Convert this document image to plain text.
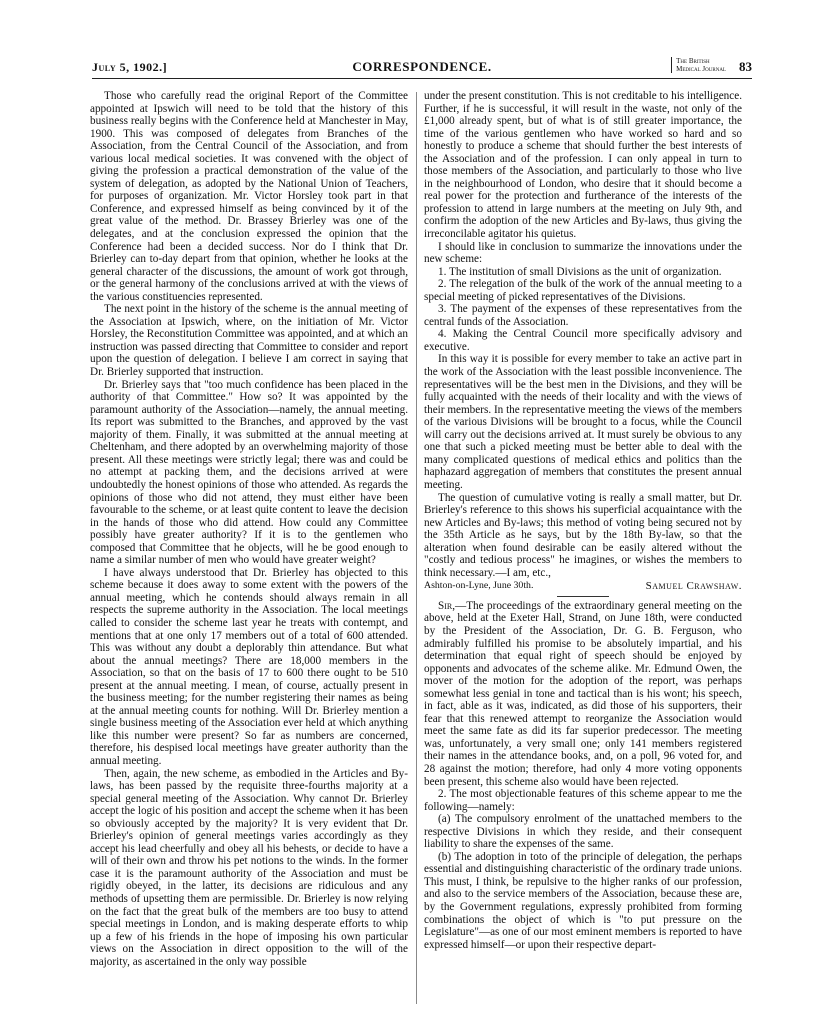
July 5, 1902.]	CORRESPONDENCE.	The British
Medical Journal 83

Those who carefully read the original Report of the Committee appointed at Ipswich will need to be told that the history of this business really begins with the Conference held at Manchester in May, 1900. This was composed of delegates from Branches of the Association, from the Central Council of the Association, and from various local medical societies. It was convened with the object of giving the profession a practical demonstration of the value of the system of delegation, as adopted by the National Union of Teachers, for purposes of organization. Mr. Victor Horsley took part in that Conference, and expressed himself as being convinced by it of the great value of the method. Dr. Brassey Brierley was one of the delegates, and at the conclusion expressed the opinion that the Conference had been a decided success. Nor do I think that Dr. Brierley can to-day depart from that opinion, whether he looks at the general character of the discussions, the amount of work got through, or the general harmony of the conclusions arrived at with the views of the various constituencies represented.

The next point in the history of the scheme is the annual meeting of the Association at Ipswich, where, on the initiation of Mr. Victor Horsley, the Reconstitution Committee was appointed, and at which an instruction was passed directing that Committee to consider and report upon the question of delegation. I believe I am correct in saying that Dr. Brierley supported that instruction.

Dr. Brierley says that "too much confidence has been placed in the authority of that Committee." How so? It was appointed by the paramount authority of the Association—namely, the annual meeting. Its report was submitted to the Branches, and approved by the vast majority of them. Finally, it was submitted at the annual meeting at Cheltenham, and there adopted by an overwhelming majority of those present. All these meetings were strictly legal; there was and could be no attempt at packing them, and the decisions arrived at were undoubtedly the honest opinions of those who attended. As regards the opinions of those who did not attend, they must either have been favourable to the scheme, or at least quite content to leave the decision in the hands of those who did attend. How could any Committee possibly have greater authority? If it is to the gentlemen who composed that Committee that he objects, will he be good enough to name a similar number of men who would have greater weight?

I have always understood that Dr. Brierley has objected to this scheme because it does away to some extent with the powers of the annual meeting, which he contends should always remain in all respects the supreme authority in the Association. The local meetings called to consider the scheme last year he treats with contempt, and mentions that at one only 17 members out of a total of 600 attended. This was without any doubt a deplorably thin attendance. But what about the annual meetings? There are 18,000 members in the Association, so that on the basis of 17 to 600 there ought to be 510 present at the annual meeting. I mean, of course, actually present in the business meeting; for the number registering their names as being at the annual meeting counts for nothing. Will Dr. Brierley mention a single business meeting of the Association ever held at which anything like this number were present? So far as numbers are concerned, therefore, his despised local meetings have greater authority than the annual meeting.

Then, again, the new scheme, as embodied in the Articles and By-laws, has been passed by the requisite three-fourths majority at a special general meeting of the Association. Why cannot Dr. Brierley accept the logic of his position and accept the scheme when it has been so obviously accepted by the majority? It is very evident that Dr. Brierley's opinion of general meetings varies accordingly as they accept his lead cheerfully and obey all his behests, or decide to have a will of their own and throw his pet notions to the winds. In the former case it is the paramount authority of the Association and must be rigidly obeyed, in the latter, its decisions are ridiculous and any methods of upsetting them are permissible. Dr. Brierley is now relying on the fact that the great bulk of the members are too busy to attend special meetings in London, and is making desperate efforts to whip up a few of his friends in the hope of imposing his own particular views on the Association in direct opposition to the will of the majority, as ascertained in the only way possible

under the present constitution. This is not creditable to his intelligence. Further, if he is successful, it will result in the waste, not only of the £1,000 already spent, but of what is of still greater importance, the time of the various gentlemen who have worked so hard and so honestly to produce a scheme that should further the best interests of the Association and of the profession. I can only appeal in turn to those members of the Association, and particularly to those who live in the neighbourhood of London, who desire that it should become a real power for the protection and furtherance of the interests of the profession to attend in large numbers at the meeting on July 9th, and confirm the adoption of the new Articles and By-laws, thus giving the irreconcilable agitator his quietus.

I should like in conclusion to summarize the innovations under the new scheme:

1. The institution of small Divisions as the unit of organization.

2. The relegation of the bulk of the work of the annual meeting to a special meeting of picked representatives of the Divisions.

3. The payment of the expenses of these representatives from the central funds of the Association.

4. Making the Central Council more specifically advisory and executive.

In this way it is possible for every member to take an active part in the work of the Association with the least possible inconvenience. The representatives will be the best men in the Divisions, and they will be fully acquainted with the needs of their locality and with the views of their members. In the representative meeting the views of the members of the various Divisions will be brought to a focus, while the Council will carry out the decisions arrived at. It must surely be obvious to any one that such a picked meeting must be better able to deal with the many complicated questions of medical ethics and politics than the haphazard aggregation of members that constitutes the present annual meeting.

The question of cumulative voting is really a small matter, but Dr. Brierley's reference to this shows his superficial acquaintance with the new Articles and By-laws; this method of voting being secured not by the 35th Article as he says, but by the 18th By-law, so that the alteration when found desirable can be easily altered without the "costly and tedious process" he imagines, or wishes the members to think necessary.—I am, etc.,

Ashton-on-Lyne, June 30th.	Samuel Crawshaw.

Sir,—The proceedings of the extraordinary general meeting on the above, held at the Exeter Hall, Strand, on June 18th, were conducted by the President of the Association, Dr. G. B. Ferguson, who admirably fulfilled his promise to be absolutely impartial, and his determination that equal right of speech should be enjoyed by opponents and advocates of the scheme alike. Mr. Edmund Owen, the mover of the motion for the adoption of the report, was perhaps somewhat less genial in tone and tactical than is his wont; his speech, in fact, able as it was, indicated, as did those of his supporters, their fear that this renewed attempt to reorganize the Association would meet the same fate as did its far superior predecessor. The meeting was, unfortunately, a very small one; only 141 members registered their names in the attendance books, and, on a poll, 96 voted for, and 28 against the motion; therefore, had only 4 more voting opponents been present, this scheme also would have been rejected.

2. The most objectionable features of this scheme appear to me the following—namely:

(a) The compulsory enrolment of the unattached members to the respective Divisions in which they reside, and their consequent liability to share the expenses of the same.

(b) The adoption in toto of the principle of delegation, the perhaps essential and distinguishing characteristic of the ordinary trade unions. This must, I think, be repulsive to the higher ranks of our profession, and also to the service members of the Association, because these are, by the Government regulations, expressly prohibited from forming combinations the object of which is "to put pressure on the Legislature"—as one of our most eminent members is reported to have expressed himself—or upon their respective depart-
